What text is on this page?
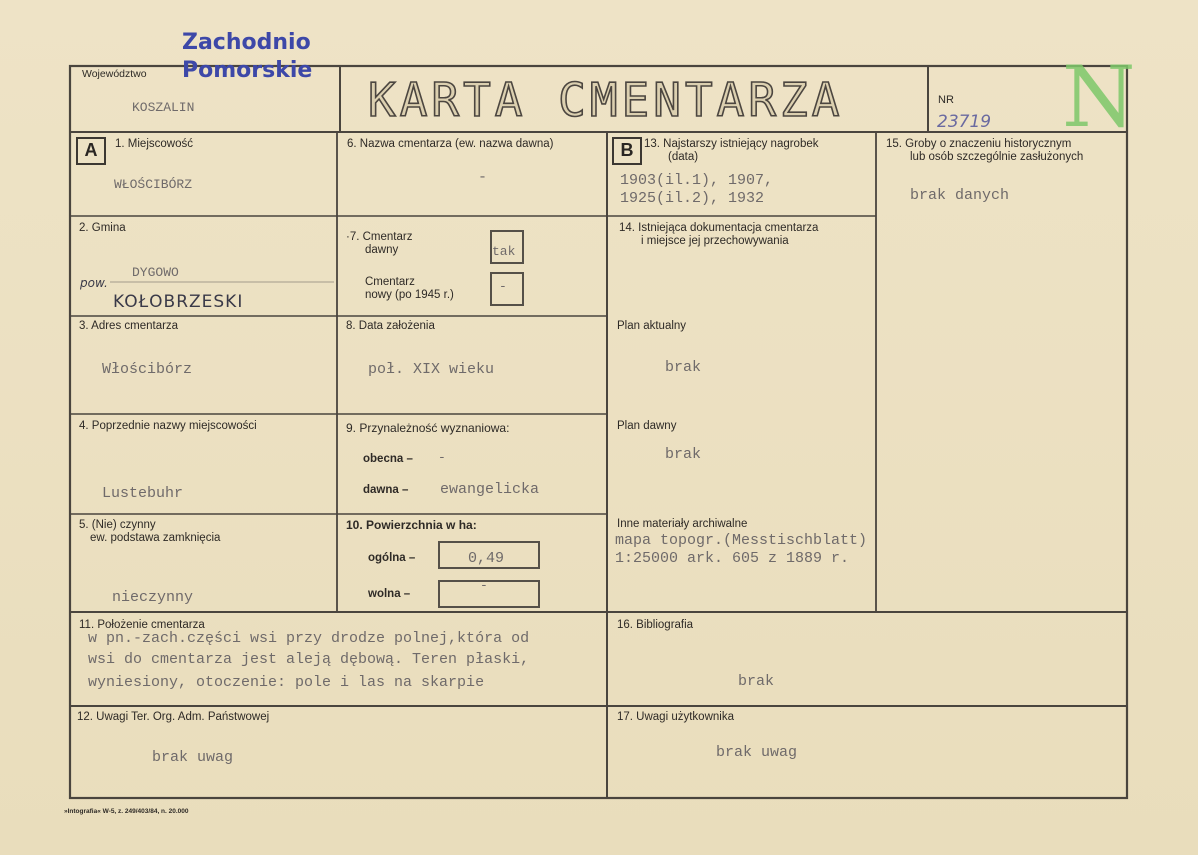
Zachodnio
Pomorskie
Województwo
KOSZALIN	KARTA CMENTARZA	NR
23719 N
A	B
1. Miejscowość
WŁOŚCIBÓRZ
2. Gmina
DYGOWO
pow.
KOŁOBRZESKI
3. Adres cmentarza
Włościbórz
4. Poprzednie nazwy miejscowości
Lustebuhr
5. (Nie) czynny
ew. podstawa zamknięcia
nieczynny
6. Nazwa cmentarza (ew. nazwa dawna)
-
·7. Cmentarz
dawny	tak
Cmentarz
nowy (po 1945 r.)
-
8. Data założenia
poł. XIX wieku
9. Przynależność wyznaniowa:
obecna – -
dawna – ewangelicka
10. Powierzchnia w ha:
ogólna –	0,49
wolna –
-
11. Położenie cmentarza
w pn.-zach.części wsi przy drodze polnej,która od
wsi do cmentarza jest aleją dębową. Teren płaski,
wyniesiony, otoczenie: pole i las na skarpie
12. Uwagi Ter. Org. Adm. Państwowej
brak uwag
13. Najstarszy istniejący nagrobek
(data)
1903(il.1), 1907,
1925(il.2), 1932
14. Istniejąca dokumentacja cmentarza
i miejsce jej przechowywania
Plan aktualny
brak
Plan dawny
brak
Inne materiały archiwalne
mapa topogr.(Messtischblatt)
1:25000 ark. 605 z 1889 r.
15. Groby o znaczeniu historycznym
lub osób szczególnie zasłużonych
brak danych
16. Bibliografia
brak
17. Uwagi użytkownika
brak uwag
»Intografia« W-5, z. 249/403/84, n. 20.000
